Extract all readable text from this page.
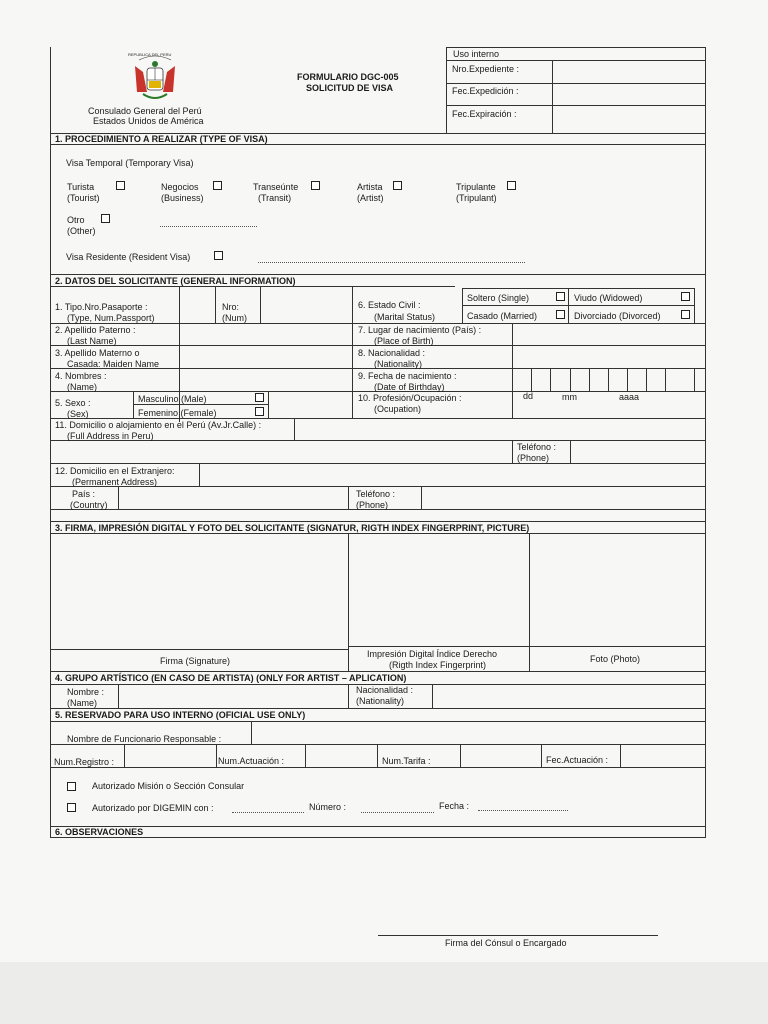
REPUBLICA DEL PERU
Consulado General del Perú
Estados Unidos de América
FORMULARIO DGC-005
SOLICITUD DE VISA
Uso interno
Nro.Expediente :
Fec.Expedición :
Fec.Expiración :
1. PROCEDIMIENTO A REALIZAR (TYPE OF VISA)
Visa Temporal (Temporary Visa)
Turista
(Tourist)
Negocios
(Business)
Transeúnte
(Transit)
Artista
(Artist)
Tripulante
(Tripulant)
Otro
(Other)
Visa Residente (Resident Visa)
2. DATOS DEL SOLICITANTE (GENERAL INFORMATION)
1. Tipo.Nro.Pasaporte :
(Type, Num.Passport)
Nro:
(Num)
6. Estado Civil :
(Marital Status)
Soltero (Single)	Viudo (Widowed)
Casado (Married)	Divorciado (Divorced)
2. Apellido Paterno :
(Last Name)
7. Lugar de nacimiento (País) :
(Place of Birth)
3. Apellido Materno o
Casada: Maiden Name
8. Nacionalidad :
(Nationality)
4. Nombres :
(Name)
9. Fecha de nacimiento :
(Date of Birthday)
5. Sexo :
(Sex)
Masculino (Male)
Femenino (Female)
10. Profesión/Ocupación :
(Ocupation)
dd	mm	aaaa
11. Domicilio o alojamiento en el Perú (Av.Jr.Calle) :
(Full Address in Peru)
Teléfono :
(Phone)
12. Domicilio en el Extranjero:
(Permanent Address)
País :
(Country)
Teléfono :
(Phone)
3. FIRMA, IMPRESIÓN DIGITAL Y FOTO DEL SOLICITANTE (SIGNATUR, RIGTH INDEX FINGERPRINT, PICTURE)
Firma (Signature)
Impresión Digital Índice Derecho
(Rigth Index Fingerprint)
Foto (Photo)
4. GRUPO ARTÍSTICO (EN CASO DE ARTISTA) (ONLY FOR ARTIST – APLICATION)
Nombre :
(Name)
Nacionalidad :
(Nationality)
5. RESERVADO PARA USO INTERNO (OFICIAL USE ONLY)
Nombre de Funcionario Responsable :
Num.Registro :	Num.Actuación :	Num.Tarifa :	Fec.Actuación :
Autorizado Misión o Sección Consular
Autorizado por DIGEMIN con :	Número :	Fecha :
6. OBSERVACIONES
Firma del Cónsul o Encargado
